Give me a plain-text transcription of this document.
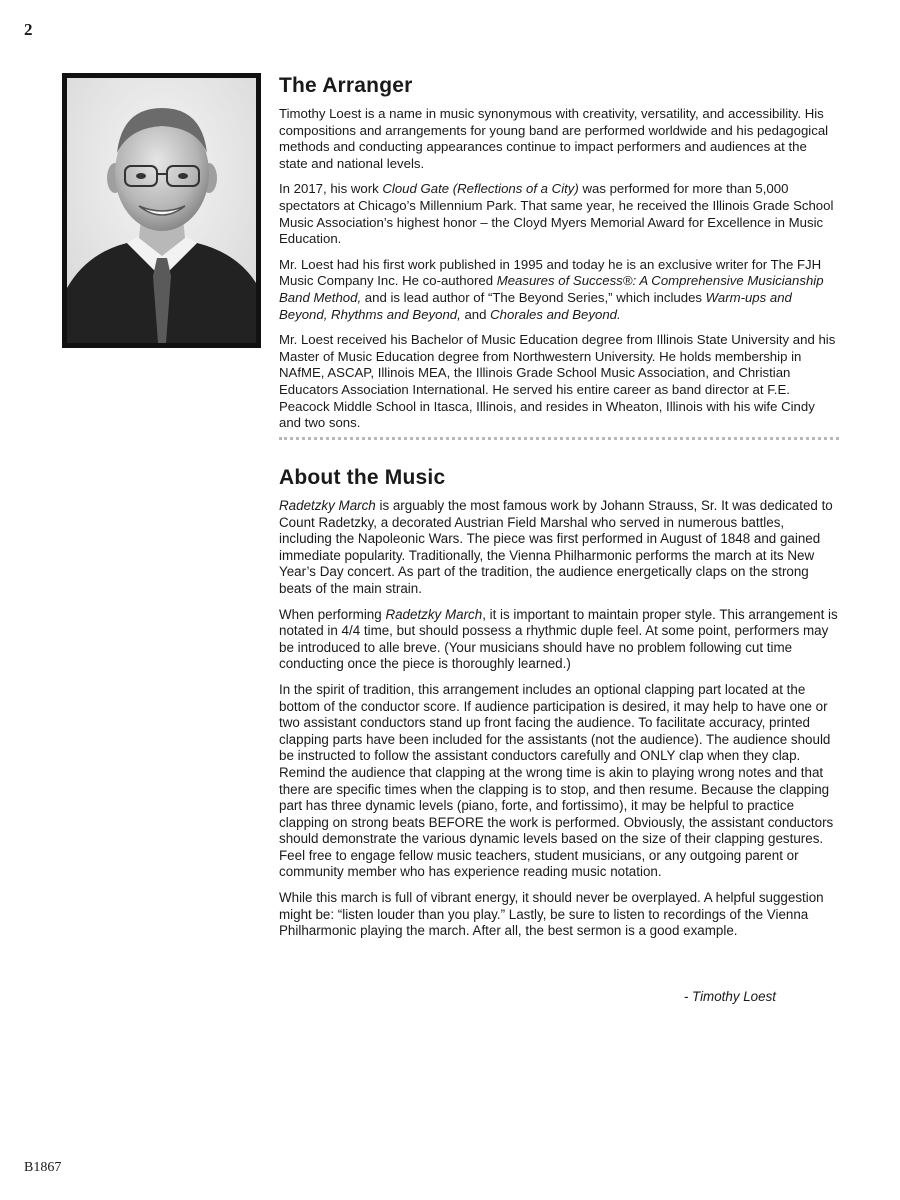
2

The Arranger

Timothy Loest is a name in music synonymous with creativity, versatility, and accessibility. His compositions and arrangements for young band are performed worldwide and his pedagogical methods and conducting appearances continue to impact performers and audiences at the state and national levels.

In 2017, his work Cloud Gate (Reflections of a City) was performed for more than 5,000 spectators at Chicago’s Millennium Park. That same year, he received the Illinois Grade School Music Association’s highest honor – the Cloyd Myers Memorial Award for Excellence in Music Education.

Mr. Loest had his first work published in 1995 and today he is an exclusive writer for The FJH Music Company Inc. He co-authored Measures of Success®: A Comprehensive Musicianship Band Method, and is lead author of “The Beyond Series,” which includes Warm-ups and Beyond, Rhythms and Beyond, and Chorales and Beyond.

Mr. Loest received his Bachelor of Music Education degree from Illinois State University and his Master of Music Education degree from Northwestern University. He holds membership in NAfME, ASCAP, Illinois MEA, the Illinois Grade School Music Association, and Christian Educators Association International. He served his entire career as band director at F.E. Peacock Middle School in Itasca, Illinois, and resides in Wheaton, Illinois with his wife Cindy and two sons.

About the Music

Radetzky March is arguably the most famous work by Johann Strauss, Sr. It was dedicated to Count Radetzky, a decorated Austrian Field Marshal who served in numerous battles, including the Napoleonic Wars. The piece was first performed in August of 1848 and gained immediate popularity. Traditionally, the Vienna Philharmonic performs the march at its New Year’s Day concert. As part of the tradition, the audience energetically claps on the strong beats of the main strain.

When performing Radetzky March, it is important to maintain proper style. This arrangement is notated in 4/4 time, but should possess a rhythmic duple feel. At some point, performers may be introduced to alle breve. (Your musicians should have no problem following cut time conducting once the piece is thoroughly learned.)

In the spirit of tradition, this arrangement includes an optional clapping part located at the bottom of the conductor score. If audience participation is desired, it may help to have one or two assistant conductors stand up front facing the audience. To facilitate accuracy, printed clapping parts have been included for the assistants (not the audience). The audience should be instructed to follow the assistant conductors carefully and ONLY clap when they clap. Remind the audience that clapping at the wrong time is akin to playing wrong notes and that there are specific times when the clapping is to stop, and then resume. Because the clapping part has three dynamic levels (piano, forte, and fortissimo), it may be helpful to practice clapping on strong beats BEFORE the work is performed. Obviously, the assistant conductors should demonstrate the various dynamic levels based on the size of their clapping gestures. Feel free to engage fellow music teachers, student musicians, or any outgoing parent or community member who has experience reading music notation.

While this march is full of vibrant energy, it should never be overplayed. A helpful suggestion might be: “listen louder than you play.” Lastly, be sure to listen to recordings of the Vienna Philharmonic playing the march. After all, the best sermon is a good example.

- Timothy Loest

B1867
